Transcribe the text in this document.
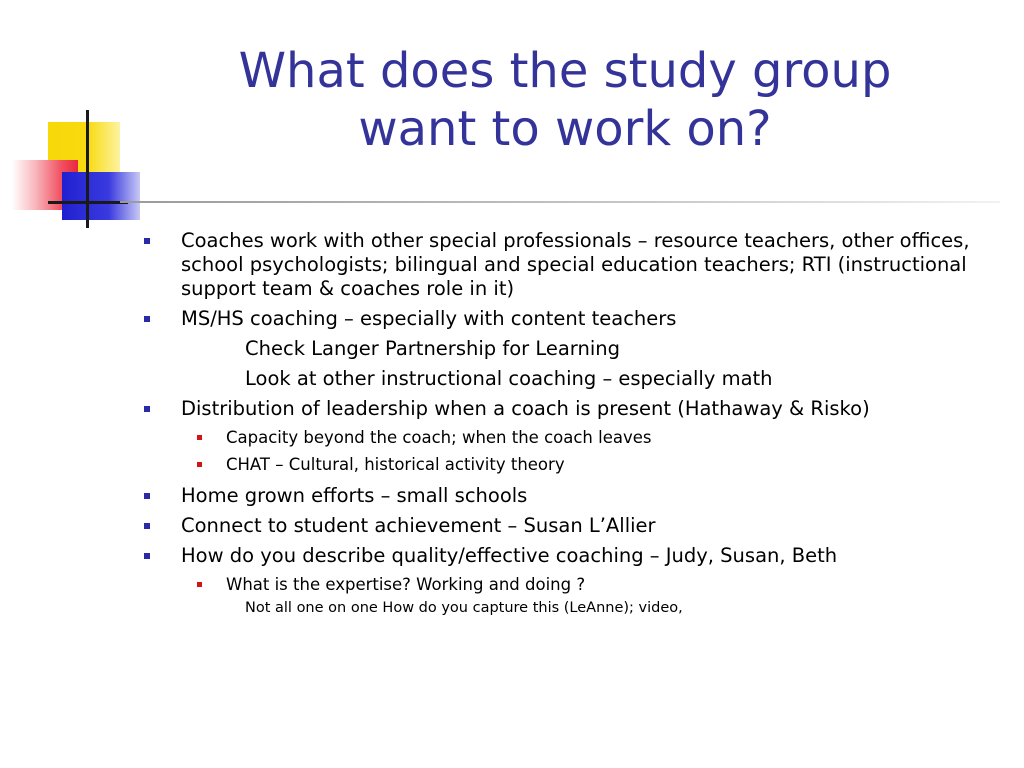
What does the study group
want to work on?
Coaches work with other special professionals – resource teachers, other offices, school psychologists; bilingual and special education teachers; RTI (instructional support team & coaches role in it)
MS/HS coaching – especially with content teachers
Check Langer Partnership for Learning
Look at other instructional coaching – especially math
Distribution of leadership when a coach is present (Hathaway & Risko)
Capacity beyond the coach; when the coach leaves
CHAT – Cultural, historical activity theory
Home grown efforts – small schools
Connect to student achievement – Susan L’Allier
How do you describe quality/effective coaching – Judy, Susan, Beth
What is the expertise? Working and doing ?
Not all one on one How do you capture this (LeAnne); video,
